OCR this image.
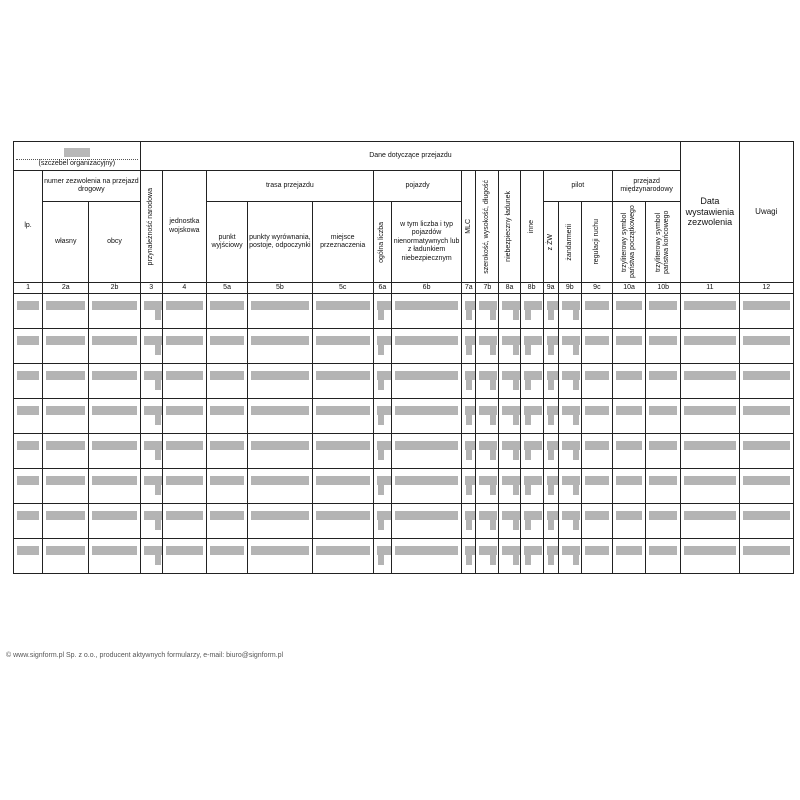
(szczebel organizacyjny)			Dane dotyczące przejazdu																Data wystawienia zezwolenia	Uwagi
lp.	numer zezwolenia na przejazd drogowy		przynależność narodowa	jednostka wojskowa	trasa przejazdu			pojazdy		MLC	szerokość, wysokość, długość	niebezpieczny ładunek	inne	pilot			przejazd międzynarodowy			
	własny	obcy			punkt wyjściowy	punkty wyrównania, postoje, odpoczynki	miejsce przeznaczenia	ogólna liczba	w tym liczba i typ pojazdów nienormatywnych lub z ładunkiem niebezpiecznym					z ŻW	żandarmerii	regulacji ruchu	trzyliterowy symbol państwa początkowego	trzyliterowy symbol państwa końcowego		

1	2a	2b	3	4	5a	5b	5c	6a	6b	7a	7b	8a	8b	9a	9b	9c	10a	10b	11	12

© www.signform.pl Sp. z o.o., producent aktywnych formularzy, e-mail: biuro@signform.pl
